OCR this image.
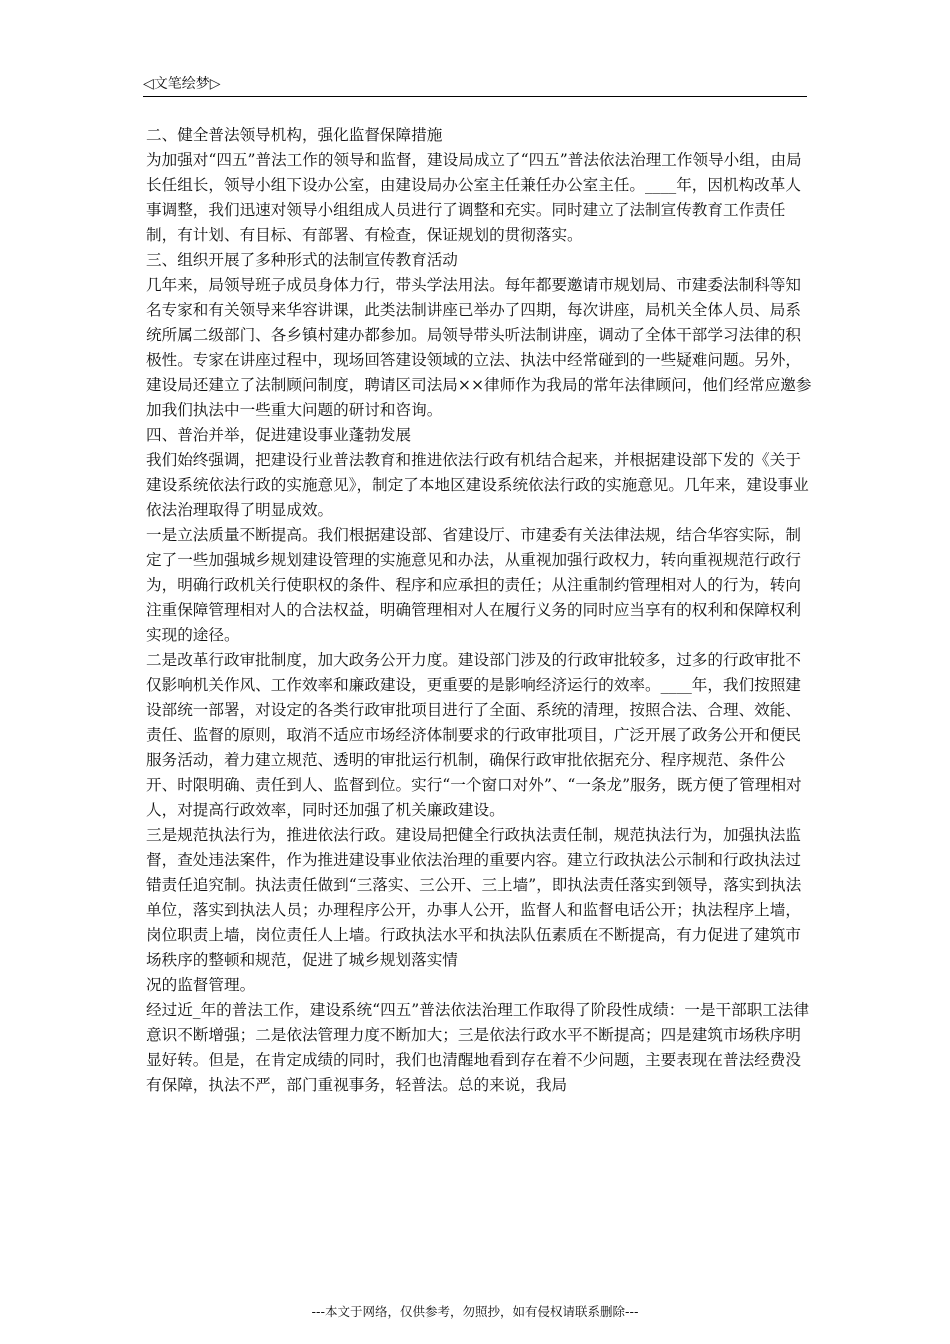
◁文笔绘梦▷

二、健全普法领导机构，强化监督保障措施

为加强对“四五”普法工作的领导和监督，建设局成立了“四五”普法依法治理工作领导小组，由局长任组长，领导小组下设办公室，由建设局办公室主任兼任办公室主任。____年，因机构改革人事调整，我们迅速对领导小组组成人员进行了调整和充实。同时建立了法制宣传教育工作责任制，有计划、有目标、有部署、有检查，保证规划的贯彻落实。

三、组织开展了多种形式的法制宣传教育活动

几年来，局领导班子成员身体力行，带头学法用法。每年都要邀请市规划局、市建委法制科等知名专家和有关领导来华容讲课，此类法制讲座已举办了四期，每次讲座，局机关全体人员、局系统所属二级部门、各乡镇村建办都参加。局领导带头听法制讲座，调动了全体干部学习法律的积极性。专家在讲座过程中，现场回答建设领域的立法、执法中经常碰到的一些疑难问题。另外，建设局还建立了法制顾问制度，聘请区司法局××律师作为我局的常年法律顾问，他们经常应邀参加我们执法中一些重大问题的研讨和咨询。

四、普治并举，促进建设事业蓬勃发展

我们始终强调，把建设行业普法教育和推进依法行政有机结合起来，并根据建设部下发的《关于建设系统依法行政的实施意见》，制定了本地区建设系统依法行政的实施意见。几年来，建设事业依法治理取得了明显成效。

一是立法质量不断提高。我们根据建设部、省建设厅、市建委有关法律法规，结合华容实际，制定了一些加强城乡规划建设管理的实施意见和办法，从重视加强行政权力，转向重视规范行政行为，明确行政机关行使职权的条件、程序和应承担的责任；从注重制约管理相对人的行为，转向注重保障管理相对人的合法权益，明确管理相对人在履行义务的同时应当享有的权利和保障权利实现的途径。

二是改革行政审批制度，加大政务公开力度。建设部门涉及的行政审批较多，过多的行政审批不仅影响机关作风、工作效率和廉政建设，更重要的是影响经济运行的效率。____年，我们按照建设部统一部署，对设定的各类行政审批项目进行了全面、系统的清理，按照合法、合理、效能、责任、监督的原则，取消不适应市场经济体制要求的行政审批项目，广泛开展了政务公开和便民服务活动，着力建立规范、透明的审批运行机制，确保行政审批依据充分、程序规范、条件公开、时限明确、责任到人、监督到位。实行“一个窗口对外”、“一条龙”服务，既方便了管理相对人，对提高行政效率，同时还加强了机关廉政建设。

三是规范执法行为，推进依法行政。建设局把健全行政执法责任制，规范执法行为，加强执法监督，查处违法案件，作为推进建设事业依法治理的重要内容。建立行政执法公示制和行政执法过错责任追究制。执法责任做到“三落实、三公开、三上墙”，即执法责任落实到领导，落实到执法单位，落实到执法人员；办理程序公开，办事人公开，监督人和监督电话公开；执法程序上墙，岗位职责上墙，岗位责任人上墙。行政执法水平和执法队伍素质在不断提高，有力促进了建筑市场秩序的整顿和规范，促进了城乡规划落实情

况的监督管理。

经过近_年的普法工作，建设系统“四五”普法依法治理工作取得了阶段性成绩：一是干部职工法律意识不断增强；二是依法管理力度不断加大；三是依法行政水平不断提高；四是建筑市场秩序明显好转。但是，在肯定成绩的同时，我们也清醒地看到存在着不少问题，主要表现在普法经费没有保障，执法不严，部门重视事务，轻普法。总的来说，我局

---本文于网络，仅供参考，勿照抄，如有侵权请联系删除---
